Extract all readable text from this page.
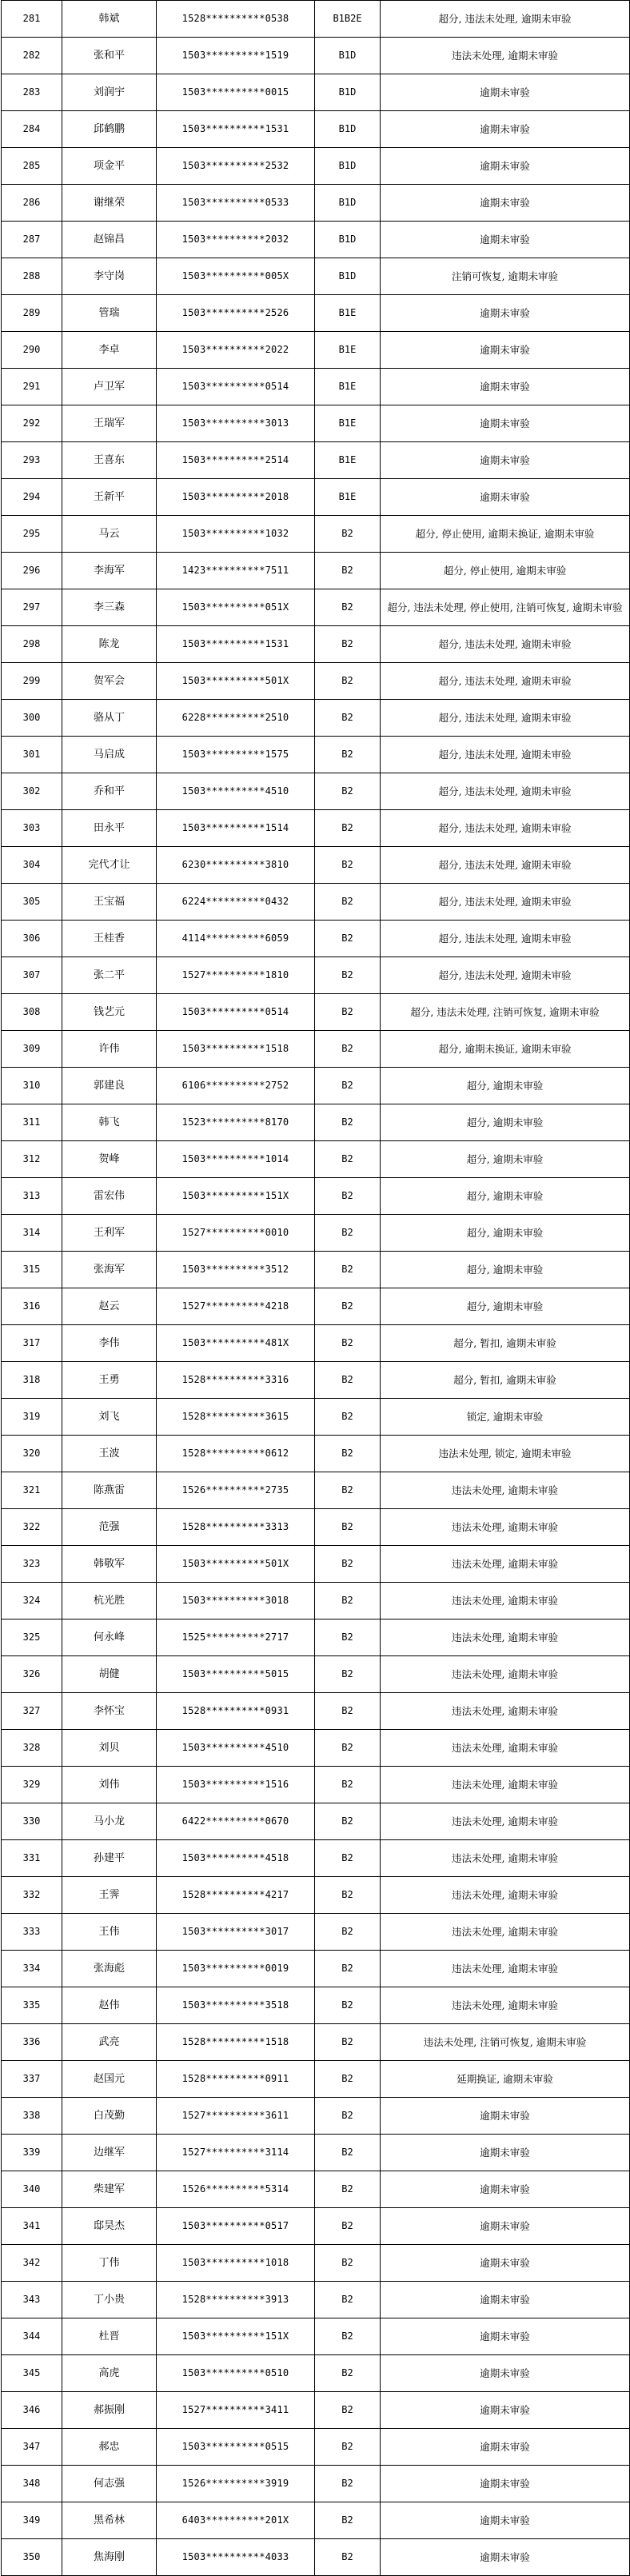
281	韩斌	1528**********0538	B1B2E	超分, 违法未处理, 逾期未审验
282	张和平	1503**********1519	B1D	违法未处理, 逾期未审验
283	刘润宇	1503**********0015	B1D	逾期未审验
284	邱鹤鹏	1503**********1531	B1D	逾期未审验
285	项金平	1503**********2532	B1D	逾期未审验
286	谢继荣	1503**********0533	B1D	逾期未审验
287	赵锦昌	1503**********2032	B1D	逾期未审验
288	李守岗	1503**********005X	B1D	注销可恢复, 逾期未审验
289	管瑞	1503**********2526	B1E	逾期未审验
290	李卓	1503**********2022	B1E	逾期未审验
291	卢卫军	1503**********0514	B1E	逾期未审验
292	王瑞军	1503**********3013	B1E	逾期未审验
293	王喜东	1503**********2514	B1E	逾期未审验
294	王新平	1503**********2018	B1E	逾期未审验
295	马云	1503**********1032	B2	超分, 停止使用, 逾期未换证, 逾期未审验
296	李海军	1423**********7511	B2	超分, 停止使用, 逾期未审验
297	李三森	1503**********051X	B2	超分, 违法未处理, 停止使用, 注销可恢复, 逾期未审验
298	陈龙	1503**********1531	B2	超分, 违法未处理, 逾期未审验
299	贺军会	1503**********501X	B2	超分, 违法未处理, 逾期未审验
300	骆从丁	6228**********2510	B2	超分, 违法未处理, 逾期未审验
301	马启成	1503**********1575	B2	超分, 违法未处理, 逾期未审验
302	乔和平	1503**********4510	B2	超分, 违法未处理, 逾期未审验
303	田永平	1503**********1514	B2	超分, 违法未处理, 逾期未审验
304	完代才让	6230**********3810	B2	超分, 违法未处理, 逾期未审验
305	王宝福	6224**********0432	B2	超分, 违法未处理, 逾期未审验
306	王桂香	4114**********6059	B2	超分, 违法未处理, 逾期未审验
307	张二平	1527**********1810	B2	超分, 违法未处理, 逾期未审验
308	钱艺元	1503**********0514	B2	超分, 违法未处理, 注销可恢复, 逾期未审验
309	许伟	1503**********1518	B2	超分, 逾期未换证, 逾期未审验
310	郭建良	6106**********2752	B2	超分, 逾期未审验
311	韩飞	1523**********8170	B2	超分, 逾期未审验
312	贺峰	1503**********1014	B2	超分, 逾期未审验
313	雷宏伟	1503**********151X	B2	超分, 逾期未审验
314	王利军	1527**********0010	B2	超分, 逾期未审验
315	张海军	1503**********3512	B2	超分, 逾期未审验
316	赵云	1527**********4218	B2	超分, 逾期未审验
317	李伟	1503**********481X	B2	超分, 暂扣, 逾期未审验
318	王勇	1528**********3316	B2	超分, 暂扣, 逾期未审验
319	刘飞	1528**********3615	B2	锁定, 逾期未审验
320	王波	1528**********0612	B2	违法未处理, 锁定, 逾期未审验
321	陈燕雷	1526**********2735	B2	违法未处理, 逾期未审验
322	范强	1528**********3313	B2	违法未处理, 逾期未审验
323	韩敬军	1503**********501X	B2	违法未处理, 逾期未审验
324	杭光胜	1503**********3018	B2	违法未处理, 逾期未审验
325	何永峰	1525**********2717	B2	违法未处理, 逾期未审验
326	胡健	1503**********5015	B2	违法未处理, 逾期未审验
327	李怀宝	1528**********0931	B2	违法未处理, 逾期未审验
328	刘贝	1503**********4510	B2	违法未处理, 逾期未审验
329	刘伟	1503**********1516	B2	违法未处理, 逾期未审验
330	马小龙	6422**********0670	B2	违法未处理, 逾期未审验
331	孙建平	1503**********4518	B2	违法未处理, 逾期未审验
332	王霁	1528**********4217	B2	违法未处理, 逾期未审验
333	王伟	1503**********3017	B2	违法未处理, 逾期未审验
334	张海彪	1503**********0019	B2	违法未处理, 逾期未审验
335	赵伟	1503**********3518	B2	违法未处理, 逾期未审验
336	武亮	1528**********1518	B2	违法未处理, 注销可恢复, 逾期未审验
337	赵国元	1528**********0911	B2	延期换证, 逾期未审验
338	白茂勤	1527**********3611	B2	逾期未审验
339	边继军	1527**********3114	B2	逾期未审验
340	柴建军	1526**********5314	B2	逾期未审验
341	邸昊杰	1503**********0517	B2	逾期未审验
342	丁伟	1503**********1018	B2	逾期未审验
343	丁小贵	1528**********3913	B2	逾期未审验
344	杜晋	1503**********151X	B2	逾期未审验
345	高虎	1503**********0510	B2	逾期未审验
346	郝振刚	1527**********3411	B2	逾期未审验
347	郝忠	1503**********0515	B2	逾期未审验
348	何志强	1526**********3919	B2	逾期未审验
349	黑希林	6403**********201X	B2	逾期未审验
350	焦海刚	1503**********4033	B2	逾期未审验
